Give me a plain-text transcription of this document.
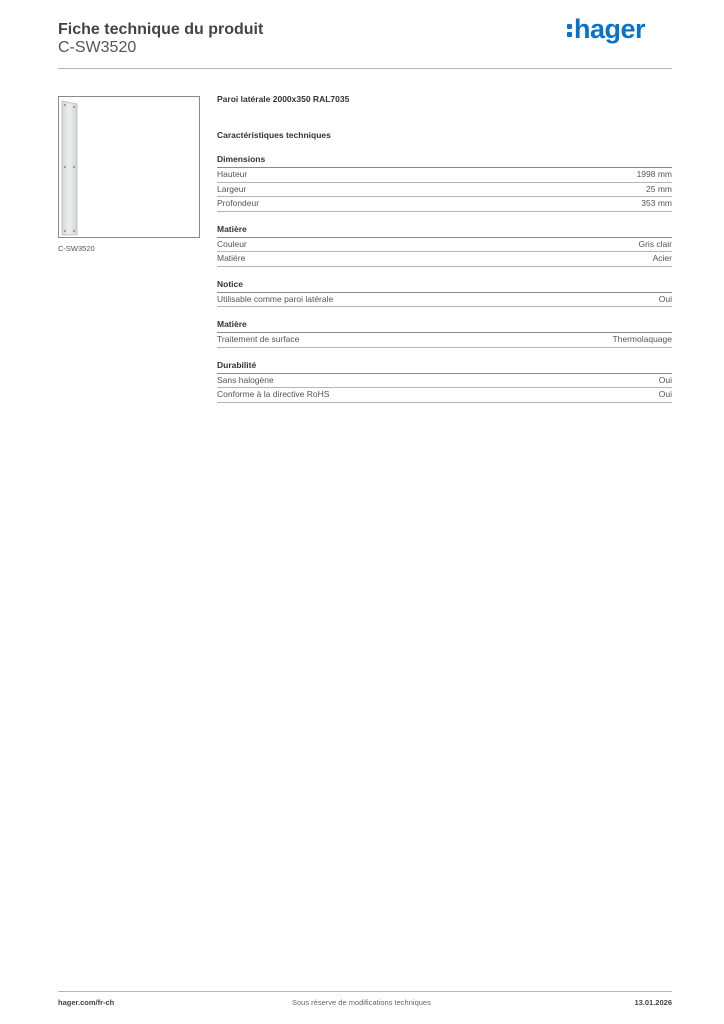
Fiche technique du produit
C-SW3520
hager
C-SW3520
Paroi latérale 2000x350 RAL7035
Caractéristiques techniques
Dimensions
Hauteur	1998 mm
Largeur	25 mm
Profondeur	353 mm
Matière
Couleur	Gris clair
Matière	Acier
Notice
Utilisable comme paroi latérale	Oui
Matière
Traitement de surface	Thermolaquage
Durabilité
Sans halogène	Oui
Conforme à la directive RoHS	Oui
hager.com/fr-ch	Sous réserve de modifications techniques	13.01.2026
